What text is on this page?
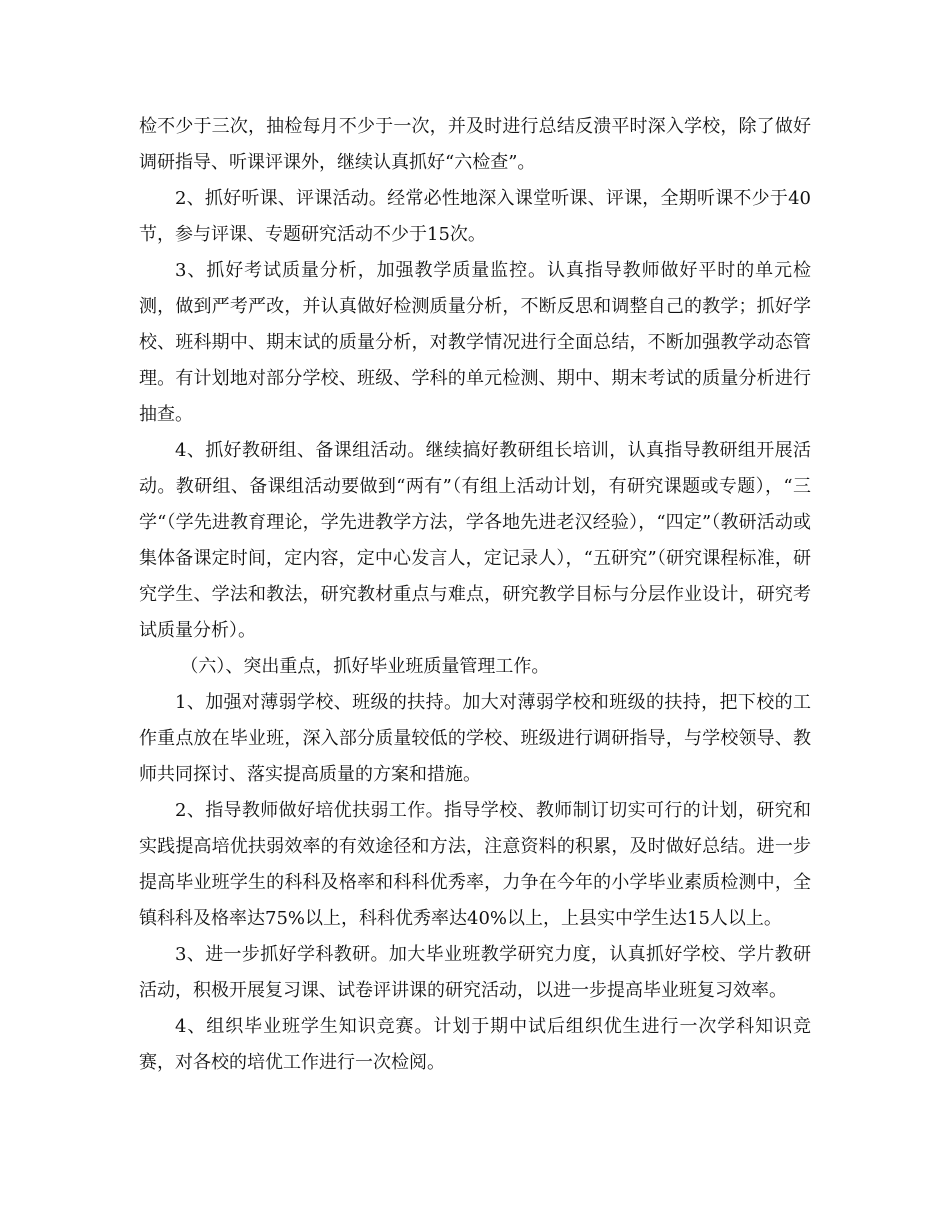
检不少于三次，抽检每月不少于一次，并及时进行总结反溃平时深入学校，除了做好调研指导、听课评课外，继续认真抓好“六检查”。

2、抓好听课、评课活动。经常必性地深入课堂听课、评课，全期听课不少于40节，参与评课、专题研究活动不少于15次。

3、抓好考试质量分析，加强教学质量监控。认真指导教师做好平时的单元检测，做到严考严改，并认真做好检测质量分析，不断反思和调整自己的教学；抓好学校、班科期中、期末试的质量分析，对教学情况进行全面总结，不断加强教学动态管理。有计划地对部分学校、班级、学科的单元检测、期中、期末考试的质量分析进行抽查。

4、抓好教研组、备课组活动。继续搞好教研组长培训，认真指导教研组开展活动。教研组、备课组活动要做到“两有”（有组上活动计划，有研究课题或专题），“三学“（学先进教育理论，学先进教学方法，学各地先进老汉经验），“四定”（教研活动或集体备课定时间，定内容，定中心发言人，定记录人），“五研究”（研究课程标准，研究学生、学法和教法，研究教材重点与难点，研究教学目标与分层作业设计，研究考试质量分析）。

（六）、突出重点，抓好毕业班质量管理工作。

1、加强对薄弱学校、班级的扶持。加大对薄弱学校和班级的扶持，把下校的工作重点放在毕业班，深入部分质量较低的学校、班级进行调研指导，与学校领导、教师共同探讨、落实提高质量的方案和措施。

2、指导教师做好培优扶弱工作。指导学校、教师制订切实可行的计划，研究和实践提高培优扶弱效率的有效途径和方法，注意资料的积累，及时做好总结。进一步提高毕业班学生的科科及格率和科科优秀率，力争在今年的小学毕业素质检测中，全镇科科及格率达75%以上，科科优秀率达40%以上，上县实中学生达15人以上。

3、进一步抓好学科教研。加大毕业班教学研究力度，认真抓好学校、学片教研活动，积极开展复习课、试卷评讲课的研究活动，以进一步提高毕业班复习效率。

4、组织毕业班学生知识竞赛。计划于期中试后组织优生进行一次学科知识竞赛，对各校的培优工作进行一次检阅。
